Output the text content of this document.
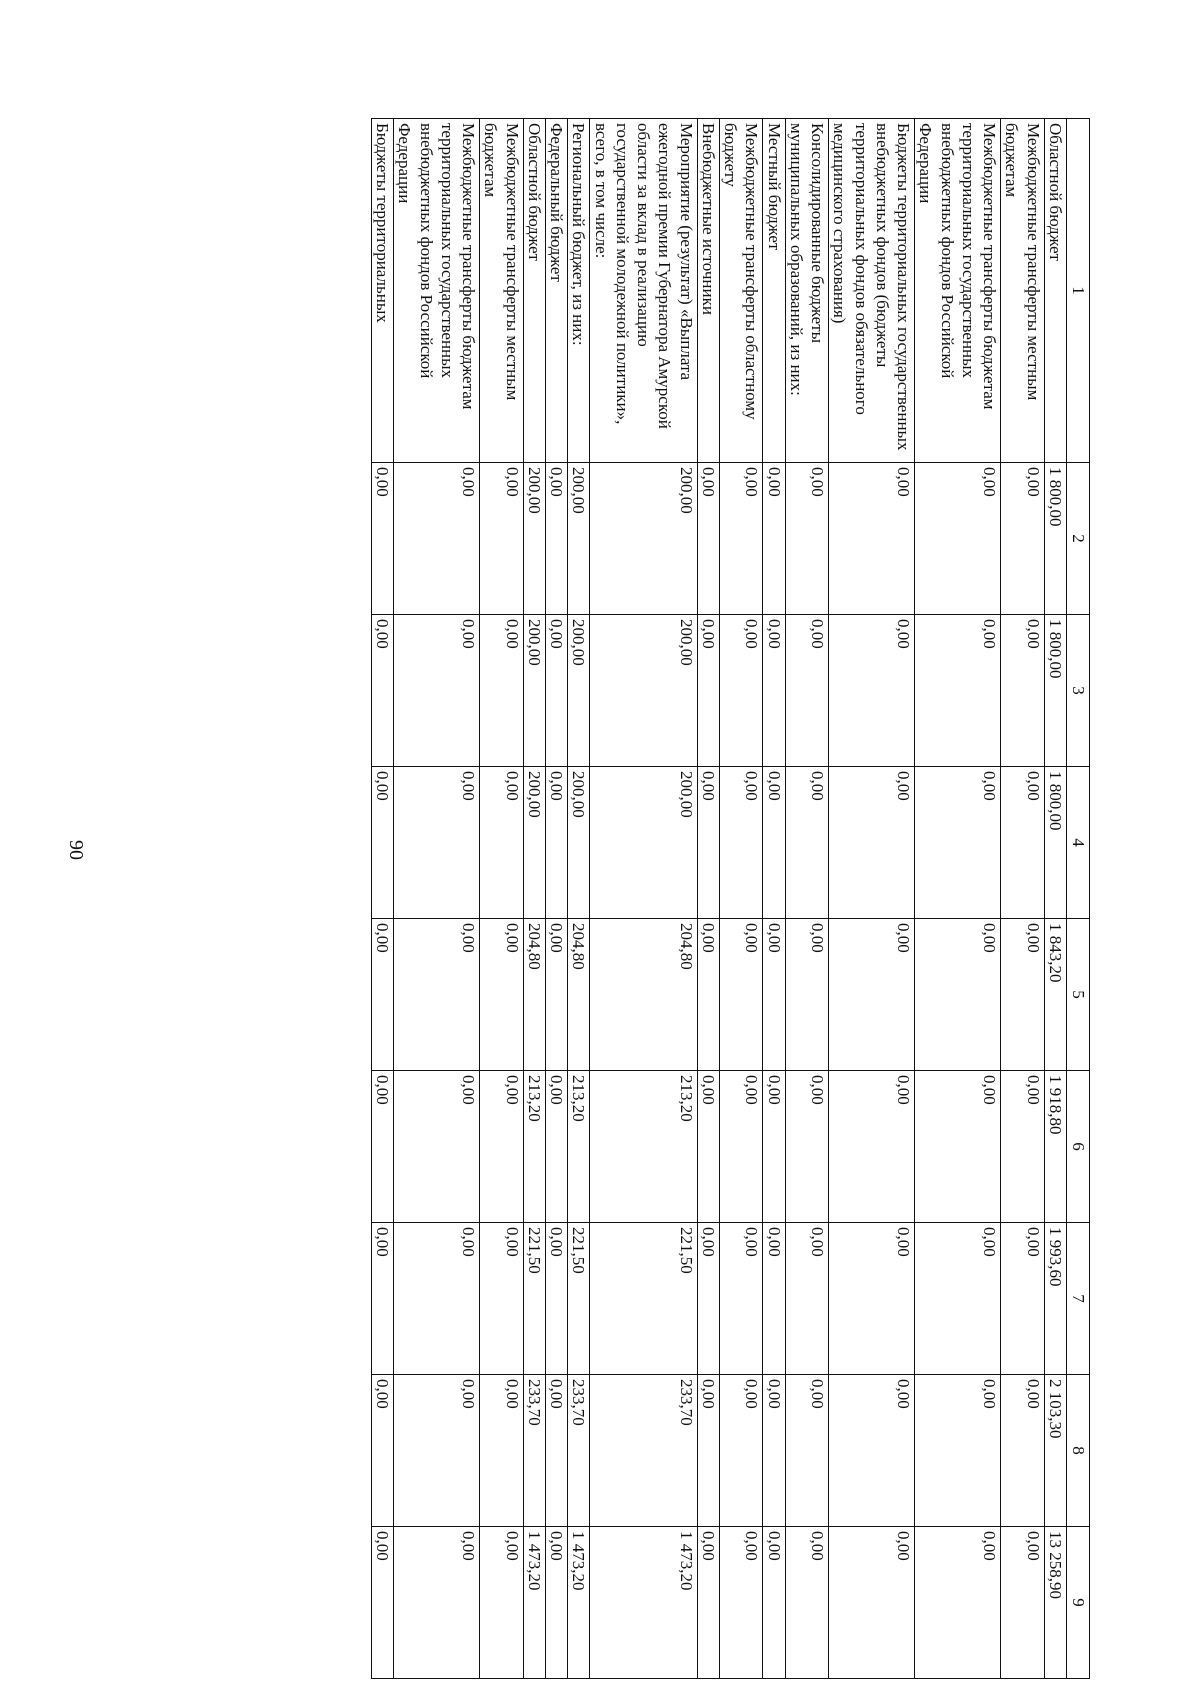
90
1	2	3	4	5	6	7	8	9
Областной бюджет	1 800,00	1 800,00	1 800,00	1 843,20	1 918,80	1 993,60	2 103,30	13 258,90
Межбюджетные трансферты местным бюджетам	0,00	0,00	0,00	0,00	0,00	0,00	0,00	0,00
Межбюджетные трансферты бюджетам территориальных государственных внебюджетных фондов Российской Федерации	0,00	0,00	0,00	0,00	0,00	0,00	0,00	0,00
Бюджеты территориальных государственных внебюджетных фондов (бюджеты территориальных фондов обязательного медицинского страхования)	0,00	0,00	0,00	0,00	0,00	0,00	0,00	0,00
Консолидированные бюджеты муниципальных образований, из них:	0,00	0,00	0,00	0,00	0,00	0,00	0,00	0,00
Местный бюджет	0,00	0,00	0,00	0,00	0,00	0,00	0,00	0,00
Межбюджетные трансферты областному бюджету	0,00	0,00	0,00	0,00	0,00	0,00	0,00	0,00
Внебюджетные источники	0,00	0,00	0,00	0,00	0,00	0,00	0,00	0,00
Мероприятие (результат) «Выплата ежегодной премии Губернатора Амурской области за вклад в реализацию государственной молодежной политики», всего, в том числе:	200,00	200,00	200,00	204,80	213,20	221,50	233,70	1 473,20
Региональный бюджет, из них:	200,00	200,00	200,00	204,80	213,20	221,50	233,70	1 473,20
Федеральный бюджет	0,00	0,00	0,00	0,00	0,00	0,00	0,00	0,00
Областной бюджет	200,00	200,00	200,00	204,80	213,20	221,50	233,70	1 473,20
Межбюджетные трансферты местным бюджетам	0,00	0,00	0,00	0,00	0,00	0,00	0,00	0,00
Межбюджетные трансферты бюджетам территориальных государственных внебюджетных фондов Российской Федерации	0,00	0,00	0,00	0,00	0,00	0,00	0,00	0,00
Бюджеты территориальных	0,00	0,00	0,00	0,00	0,00	0,00	0,00	0,00
